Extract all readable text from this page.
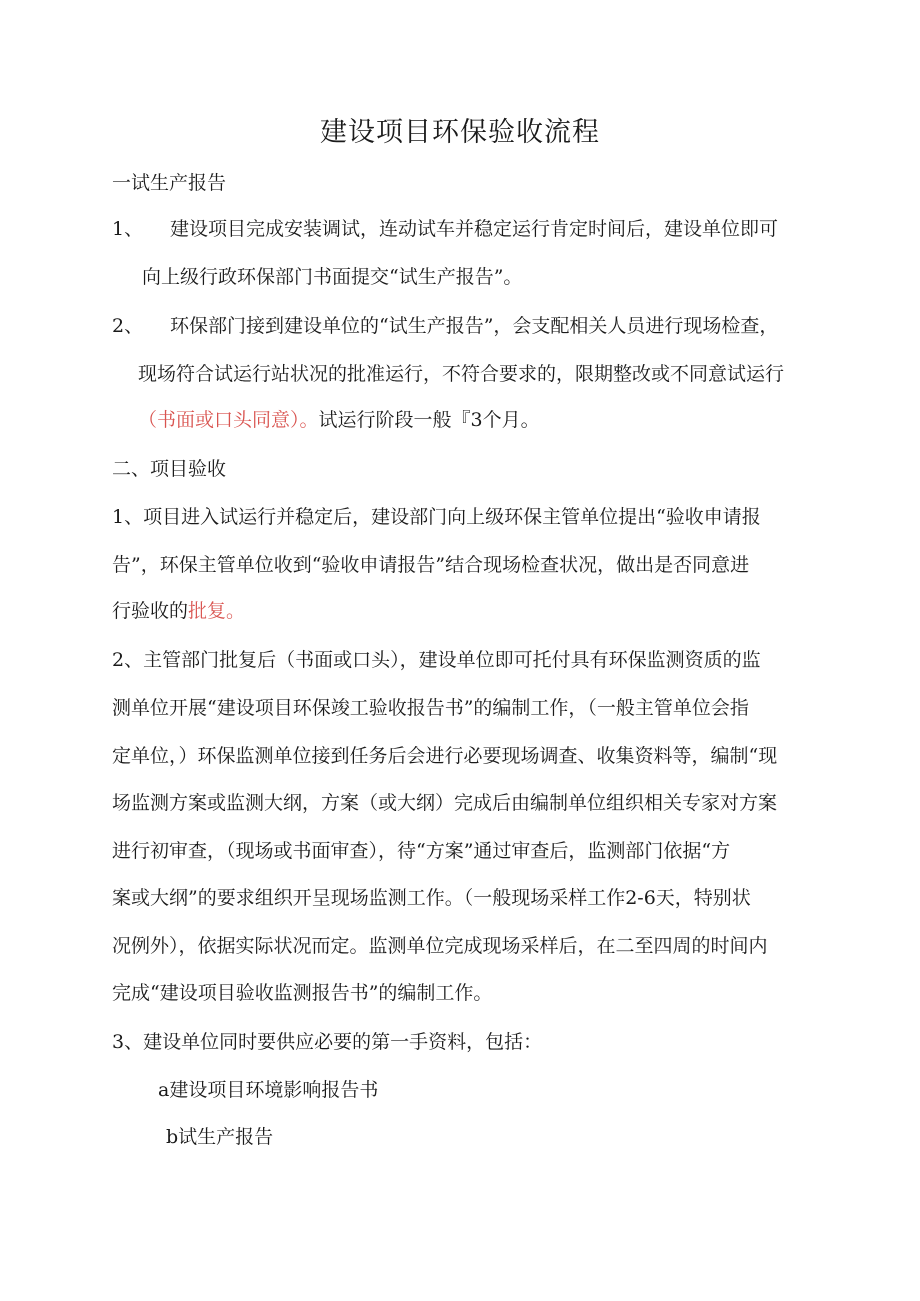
建设项目环保验收流程
一试生产报告
1、 建设项目完成安装调试，连动试车并稳定运行肯定时间后，建设单位即可
向上级行政环保部门书面提交“试生产报告”。
2、 环保部门接到建设单位的“试生产报告”，会支配相关人员进行现场检查，
现场符合试运行站状况的批准运行，不符合要求的，限期整改或不同意试运行
（书面或口头同意）。试运行阶段一般『3个月。
二、项目验收
1、项目进入试运行并稳定后，建设部门向上级环保主管单位提出“验收申请报
告”，环保主管单位收到“验收申请报告”结合现场检查状况，做出是否同意进
行验收的批复。
2、主管部门批复后（书面或口头），建设单位即可托付具有环保监测资质的监
测单位开展“建设项目环保竣工验收报告书”的编制工作，（一般主管单位会指
定单位，）环保监测单位接到任务后会进行必要现场调查、收集资料等，编制“现
场监测方案或监测大纲，方案（或大纲）完成后由编制单位组织相关专家对方案
进行初审查，（现场或书面审查），待“方案”通过审查后，监测部门依据“方
案或大纲”的要求组织开呈现场监测工作。（一般现场采样工作2-6天，特别状
况例外），依据实际状况而定。监测单位完成现场采样后，在二至四周的时间内
完成“建设项目验收监测报告书”的编制工作。
3、建设单位同时要供应必要的第一手资料，包括：
a建设项目环境影响报告书
b试生产报告
